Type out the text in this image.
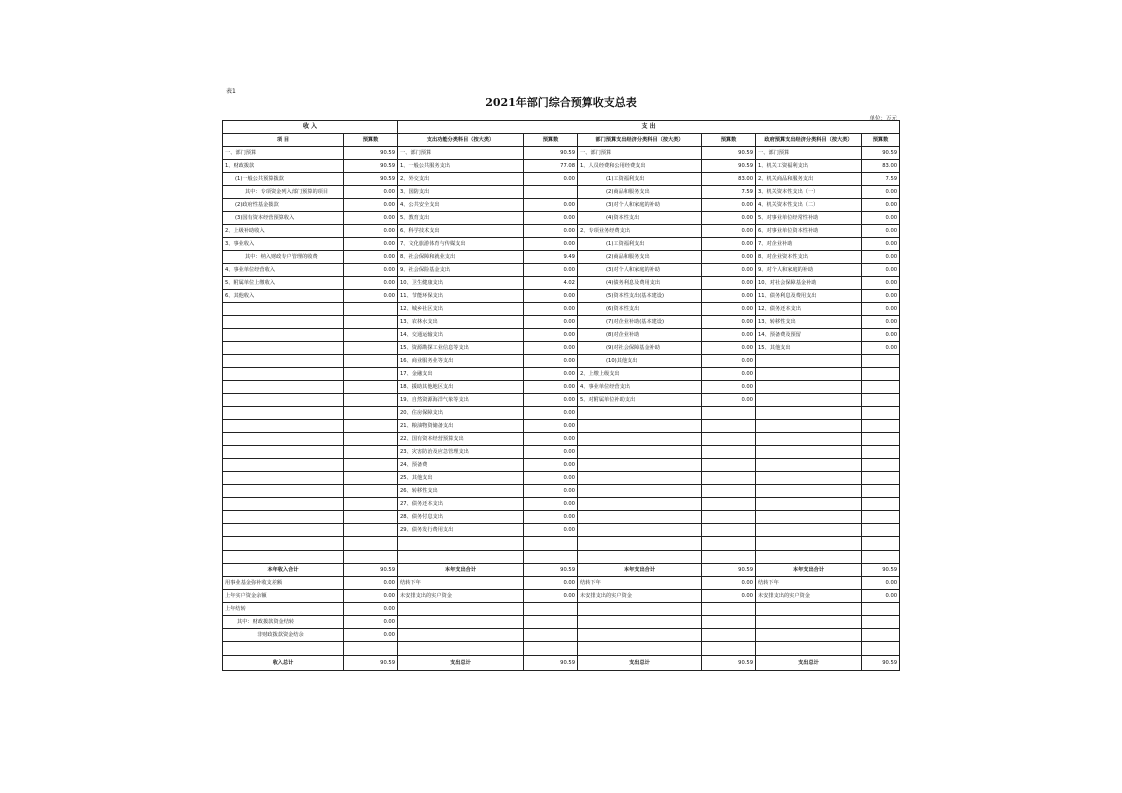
表1
2021年部门综合预算收支总表
单位：万元
收 入		支 出					
项 目	预算数	支出功能分类科目（按大类）	预算数	部门预算支出经济分类科目（按大类）	预算数	政府预算支出经济分类科目（按大类）	预算数
一、部门预算	90.59	一、部门预算	90.59	一、部门预算	90.59	一、部门预算	90.59
1、财政拨款	90.59	1、一般公共服务支出	77.08	1、人员经费和公用经费支出	90.59	1、机关工资福利支出	83.00
(1)一般公共预算拨款	90.59	2、外交支出	0.00	(1)工资福利支出	83.00	2、机关商品和服务支出	7.59
其中：专项资金列入部门预算的项目	0.00	3、国防支出		(2)商品和服务支出	7.59	3、机关资本性支出（一）	0.00
(2)政府性基金拨款	0.00	4、公共安全支出	0.00	(3)对个人和家庭的补助	0.00	4、机关资本性支出（二）	0.00
(3)国有资本经营预算收入	0.00	5、教育支出	0.00	(4)资本性支出	0.00	5、对事业单位经常性补助	0.00
2、上级补助收入	0.00	6、科学技术支出	0.00	2、专项业务经费支出	0.00	6、对事业单位资本性补助	0.00
3、事业收入	0.00	7、文化旅游体育与传媒支出	0.00	(1)工资福利支出	0.00	7、对企业补助	0.00
其中：纳入财政专户管理的收费	0.00	8、社会保障和就业支出	9.49	(2)商品和服务支出	0.00	8、对企业资本性支出	0.00
4、事业单位经营收入	0.00	9、社会保险基金支出	0.00	(3)对个人和家庭的补助	0.00	9、对个人和家庭的补助	0.00
5、附属单位上缴收入	0.00	10、卫生健康支出	4.02	(4)债务利息及费用支出	0.00	10、对社会保障基金补助	0.00
6、其他收入	0.00	11、节能环保支出	0.00	(5)资本性支出(基本建设)	0.00	11、债务利息及费用支出	0.00
		12、城乡社区支出	0.00	(6)资本性支出	0.00	12、债务还本支出	0.00
		13、农林水支出	0.00	(7)对企业补助(基本建设)	0.00	13、转移性支出	0.00
		14、交通运输支出	0.00	(8)对企业补助	0.00	14、预备费及预留	0.00
		15、资源勘探工业信息等支出	0.00	(9)对社会保障基金补助	0.00	15、其他支出	0.00
		16、商业服务业等支出	0.00	(10)其他支出	0.00		
		17、金融支出	0.00	2、上缴上级支出	0.00		
		18、援助其他地区支出	0.00	4、事业单位经营支出	0.00		
		19、自然资源海洋气象等支出	0.00	5、对附属单位补助支出	0.00		
		20、住房保障支出	0.00				
		21、粮油物资储备支出	0.00				
		22、国有资本经营预算支出	0.00				
		23、灾害防治及应急管理支出	0.00				
		24、预备费	0.00				
		25、其他支出	0.00				
		26、转移性支出	0.00				
		27、债务还本支出	0.00				
		28、债务付息支出	0.00				
		29、债务发行费用支出	0.00				

本年收入合计	90.59	本年支出合计	90.59	本年支出合计	90.59	本年支出合计	90.59
用事业基金弥补收支差额	0.00	结转下年	0.00	结转下年	0.00	结转下年	0.00
上年实户资金余额	0.00	未安排支出的实户资金	0.00	未安排支出的实户资金	0.00	未安排支出的实户资金	0.00
上年结转	0.00						
其中：财政拨款资金结转	0.00						
非财政拨款资金结余	0.00						

收入总计	90.59	支出总计	90.59	支出总计	90.59	支出总计	90.59
